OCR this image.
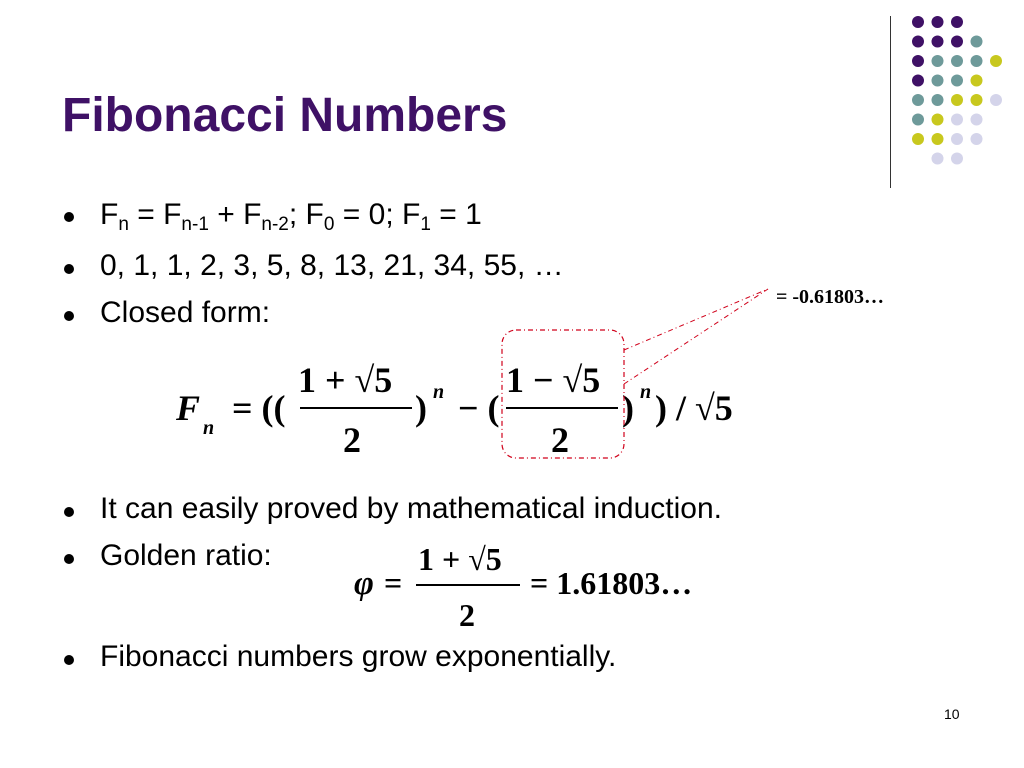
Fibonacci Numbers
$F_n = F_{n-1} + F_{n-2}$; $F_0 = 0$; $F_1 = 1$
0, 1, 1, 2, 3, 5, 8, 13, 21, 34, 55, …
Closed form:
It can easily proved by mathematical induction.
Golden ratio:
Fibonacci numbers grow exponentially.
F n = ((
1 + √5
2
) n − (
1 − √5
2
) n ) / √5
= -0.61803…
φ =
1 + √5
2
= 1.61803…
10
